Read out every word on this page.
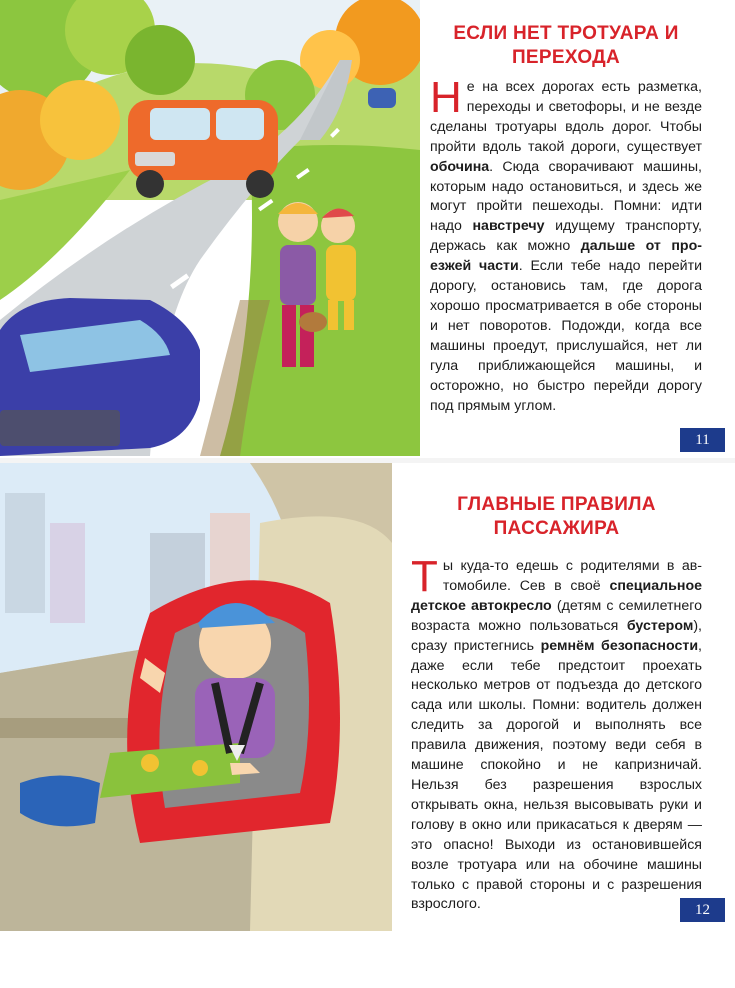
ЕСЛИ НЕТ ТРОТУАРА И ПЕРЕХОДА

Не на всех дорогах есть разметка, переходы и светофоры, и не везде сделаны тротуары вдоль дорог. Чтобы пройти вдоль такой дороги, существует обочина. Сюда сворачивают машины, которым надо остановиться, и здесь же могут пройти пешеходы. Помни: идти надо навстречу идущему транспорту, держась как можно дальше от проезжей части. Если тебе надо перейти дорогу, остановись там, где дорога хорошо просматривается в обе стороны и нет поворотов. Подожди, когда все машины проедут, прислушайся, нет ли гула приближающейся машины, и осторожно, но быстро перейди дорогу под прямым углом.

11
ГЛАВНЫЕ ПРАВИЛА ПАССАЖИРА

Ты куда-то едешь с родителями в автомобиле. Сев в своё специальное детское автокресло (детям с семилетнего возраста можно пользоваться бустером), сразу пристегнись ремнём безопасности, даже если тебе предстоит проехать несколько метров от подъезда до детского сада или школы. Помни: водитель должен следить за дорогой и выполнять все правила движения, поэтому веди себя в машине спокойно и не капризничай. Нельзя без разрешения взрослых открывать окна, нельзя высовывать руки и голову в окно или прикасаться к дверям — это опасно! Выходи из остановившейся возле тротуара или на обочине машины только с правой стороны и с разрешения взрослого.	12
